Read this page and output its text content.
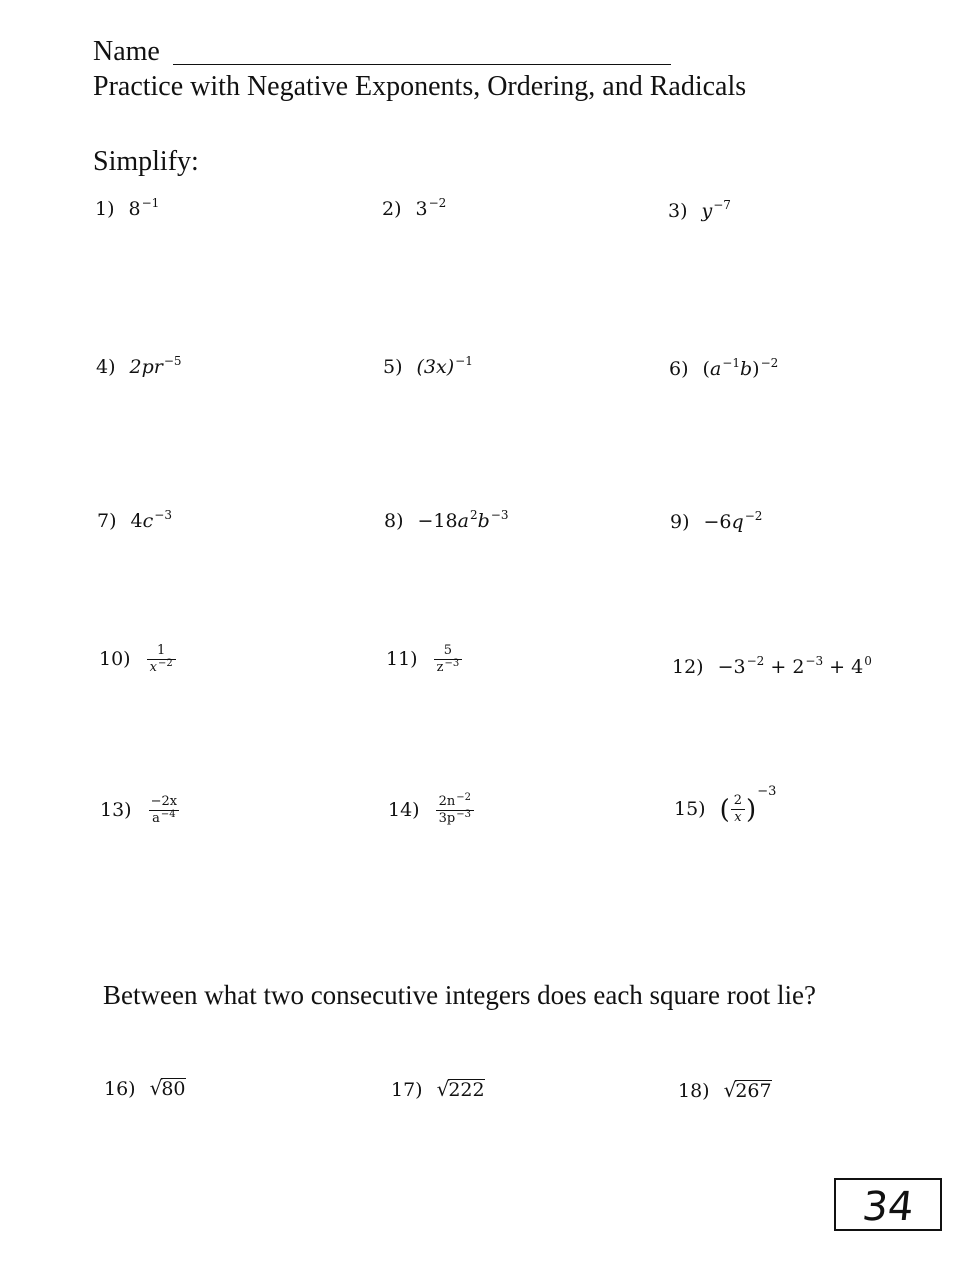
Name
Practice with Negative Exponents, Ordering, and Radicals
Simplify:
1) $8^{-1}$	2) $3^{-2}$	3) $y^{-7}$
4) $2pr^{-5}$	5) $(3x)^{-1}$	6) $(a^{-1}b)^{-2}$
7) $4c^{-3}$	$8) -18a^2b^{-3}$	$9) -6q^{-2}$
$10) \frac{1}{x^{-2}}$	$11) \frac{5}{z^{-3}}$	$12) -3^{-2} + 2^{-3} + 4^0$
$13) \frac{-2x}{a^{-4}}$	$14) \frac{2n^{-2}}{3p^{-3}}$	15) ( $\frac{2}{x}$ )
−3
Between what two consecutive integers does each square root lie?
16) √ 80	17) √ 222	18) √ 267
34
